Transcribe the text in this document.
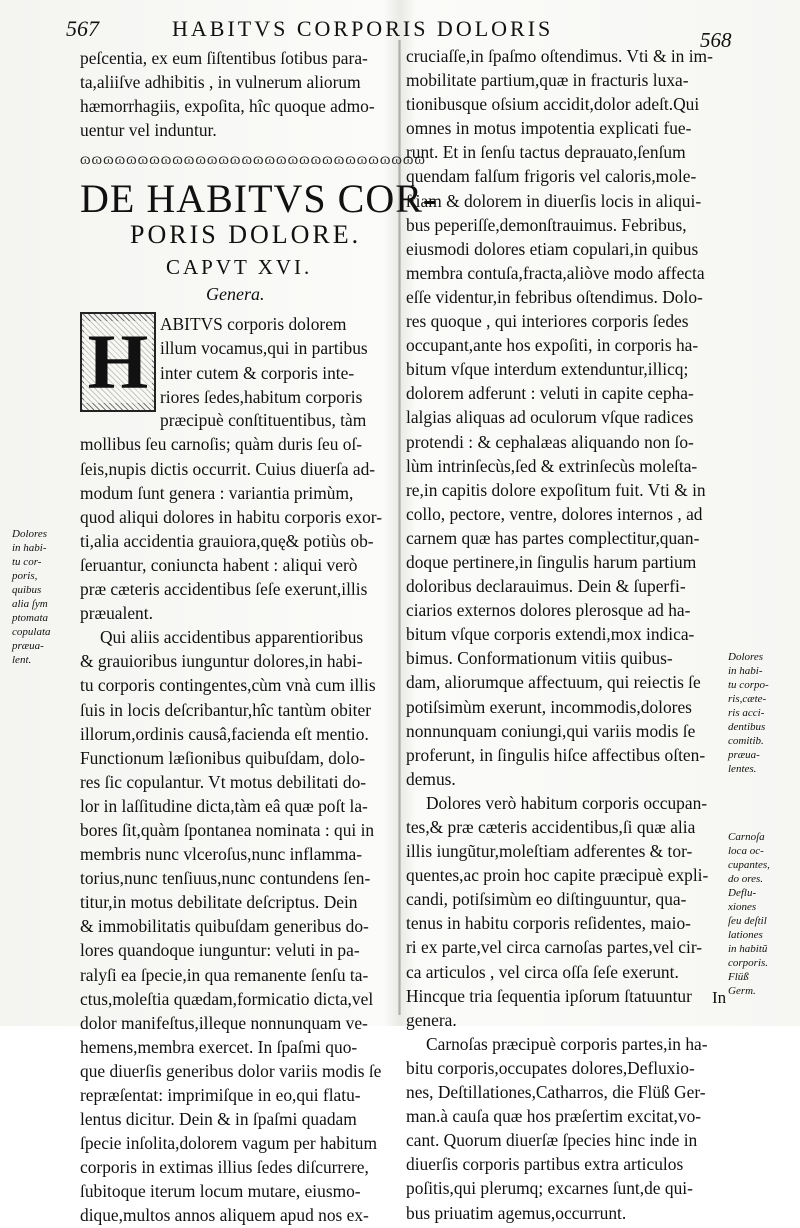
567	HABITVS CORPORIS DOLORIS	568
peſcentia, ex eum ſiſtentibus ſotibus para-
ta,aliiſve adhibitis , in vulnerum aliorum
hæmorrhagiis, expoſita, hîc quoque admo-
uentur vel induntur.
ɷɷɷɷɷɷɷɷɷɷɷɷɷɷɷɷɷɷɷɷɷɷɷɷɷɷɷɷɷɷ
DE HABITVS COR-
PORIS DOLORE.
CAPVT XVI.
Genera.
H ABITVS corporis dolorem
illum vocamus,qui in partibus
inter cutem & corporis inte-
riores ſedes,habitum corporis
præcipuè conſtituentibus, tàm
mollibus ſeu carnoſis; quàm duris ſeu oſ-
ſeis,nupis dictis occurrit. Cuius diuerſa ad-
modum ſunt genera : variantia primùm,
quod aliqui dolores in habitu corporis exor-
ti,alia accidentia grauiora,quę& potiùs ob-
ſeruantur, coniuncta habent : aliqui verò
præ cæteris accidentibus ſeſe exerunt,illis
præualent.
Qui aliis accidentibus apparentioribus
& grauioribus iunguntur dolores,in habi-
tu corporis contingentes,cùm vnà cum illis
ſuis in locis deſcribantur,hîc tantùm obiter
illorum,ordinis causâ,facienda eſt mentio.
Functionum læſionibus quibuſdam, dolo-
res ſic copulantur. Vt motus debilitati do-
lor in laſſitudine dicta,tàm eâ quæ poſt la-
bores ſit,quàm ſpontanea nominata : qui in
membris nunc vlceroſus,nunc inflamma-
torius,nunc tenſiuus,nunc contundens ſen-
titur,in motus debilitate deſcriptus. Dein
& immobilitatis quibuſdam generibus do-
lores quandoque iunguntur: veluti in pa-
ralyſi ea ſpecie,in qua remanente ſenſu ta-
ctus,moleſtia quædam,formicatio dicta,vel
dolor manifeſtus,illeque nonnunquam ve-
hemens,membra exercet. In ſpaſmi quo-
que diuerſis generibus dolor variis modis ſe
repræſentat: imprimiſque in eo,qui flatu-
lentus dicitur. Dein & in ſpaſmi quadam
ſpecie inſolita,dolorem vagum per habitum
corporis in extimas illius ſedes diſcurrere,
ſubitoque iterum locum mutare, eiusmo-
dique,multos annos aliquem apud nos ex-
cruciaſſe,in ſpaſmo oſtendimus. Vti & in im-
mobilitate partium,quæ in fracturis luxa-
tionibusque oſsium accidit,dolor adeſt.Qui
omnes in motus impotentia explicati fue-
runt. Et in ſenſu tactus deprauato,ſenſum
quendam falſum frigoris vel caloris,mole-
ſtiam & dolorem in diuerſis locis in aliqui-
bus peperiſſe,demonſtrauimus. Febribus,
eiusmodi dolores etiam copulari,in quibus
membra contuſa,fracta,aliòve modo affecta
eſſe videntur,in febribus oſtendimus. Dolo-
res quoque , qui interiores corporis ſedes
occupant,ante hos expoſiti, in corporis ha-
bitum vſque interdum extenduntur,illicq;
dolorem adferunt : veluti in capite cepha-
lalgias aliquas ad oculorum vſque radices
protendi : & cephalæas aliquando non ſo-
lùm intrinſecùs,ſed & extrinſecùs moleſta-
re,in capitis dolore expoſitum fuit. Vti & in
collo, pectore, ventre, dolores internos , ad
carnem quæ has partes complectitur,quan-
doque pertinere,in ſingulis harum partium
doloribus declarauimus. Dein & ſuperfi-
ciarios externos dolores plerosque ad ha-
bitum vſque corporis extendi,mox indica-
bimus. Conformationum vitiis quibus-
dam, aliorumque affectuum, qui reiectis ſe
potiſsimùm exerunt, incommodis,dolores
nonnunquam coniungi,qui variis modis ſe
proferunt, in ſingulis hiſce affectibus oſten-
demus.
Dolores verò habitum corporis occupan-
tes,& præ cæteris accidentibus,ſi quæ alia
illis iungũtur,moleſtiam adferentes & tor-
quentes,ac proin hoc capite præcipuè expli-
candi, potiſsimùm eo diſtinguuntur, qua-
tenus in habitu corporis reſidentes, maio-
ri ex parte,vel circa carnoſas partes,vel cir-
ca articulos , vel circa oſſa ſeſe exerunt.
Hincque tria ſequentia ipſorum ſtatuuntur
genera.
Carnoſas præcipuè corporis partes,in ha-
bitu corporis,occupates dolores,Defluxio-
nes, Deſtillationes,Catharros, die Flüß Ger-
man.à cauſa quæ hos præſertim excitat,vo-
cant. Quorum diuerſæ ſpecies hinc inde in
diuerſis corporis partibus extra articulos
poſitis,qui plerumq; excarnes ſunt,de qui-
bus priuatim agemus,occurrunt.
Dolores
in habi-
tu cor-
poris,
quibus
alia ſym
ptomata
copulata
præua-
lent.	Dolores
in habi-
tu corpo-
ris,cæte-
ris acci-
dentibus
comitib.
præua-
lentes.
Carnoſa
loca oc-
cupantes,
do ores.
Deflu-
xiones
ſeu deſtil
lationes
in habitũ
corporis.
Flüß
Germ.
In
